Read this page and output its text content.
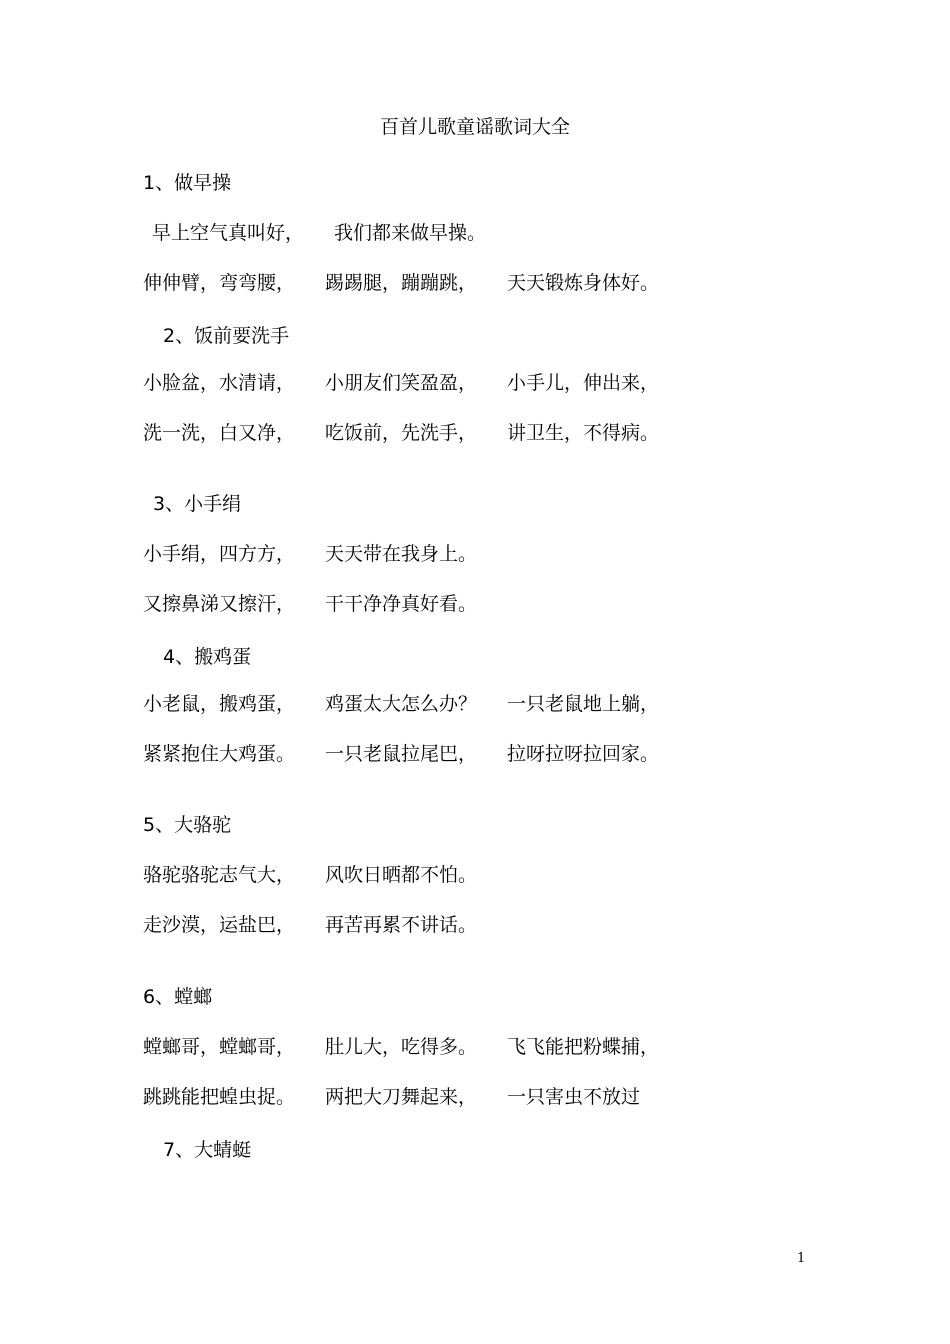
百首儿歌童谣歌词大全
1、做早操
早上空气真叫好， 我们都来做早操。
伸伸臂，弯弯腰， 踢踢腿，蹦蹦跳， 天天锻炼身体好。
2、饭前要洗手
小脸盆，水清请， 小朋友们笑盈盈， 小手儿，伸出来，
洗一洗，白又净， 吃饭前，先洗手， 讲卫生，不得病。
3、小手绢
小手绢，四方方， 天天带在我身上。
又擦鼻涕又擦汗， 干干净净真好看。
4、搬鸡蛋
小老鼠，搬鸡蛋， 鸡蛋太大怎么办？ 一只老鼠地上躺，
紧紧抱住大鸡蛋。 一只老鼠拉尾巴， 拉呀拉呀拉回家。
5、大骆驼
骆驼骆驼志气大， 风吹日晒都不怕。
走沙漠，运盐巴， 再苦再累不讲话。
6、螳螂
螳螂哥，螳螂哥， 肚儿大，吃得多。 飞飞能把粉蝶捕，
跳跳能把蝗虫捉。 两把大刀舞起来， 一只害虫不放过
7、大蜻蜓
1
